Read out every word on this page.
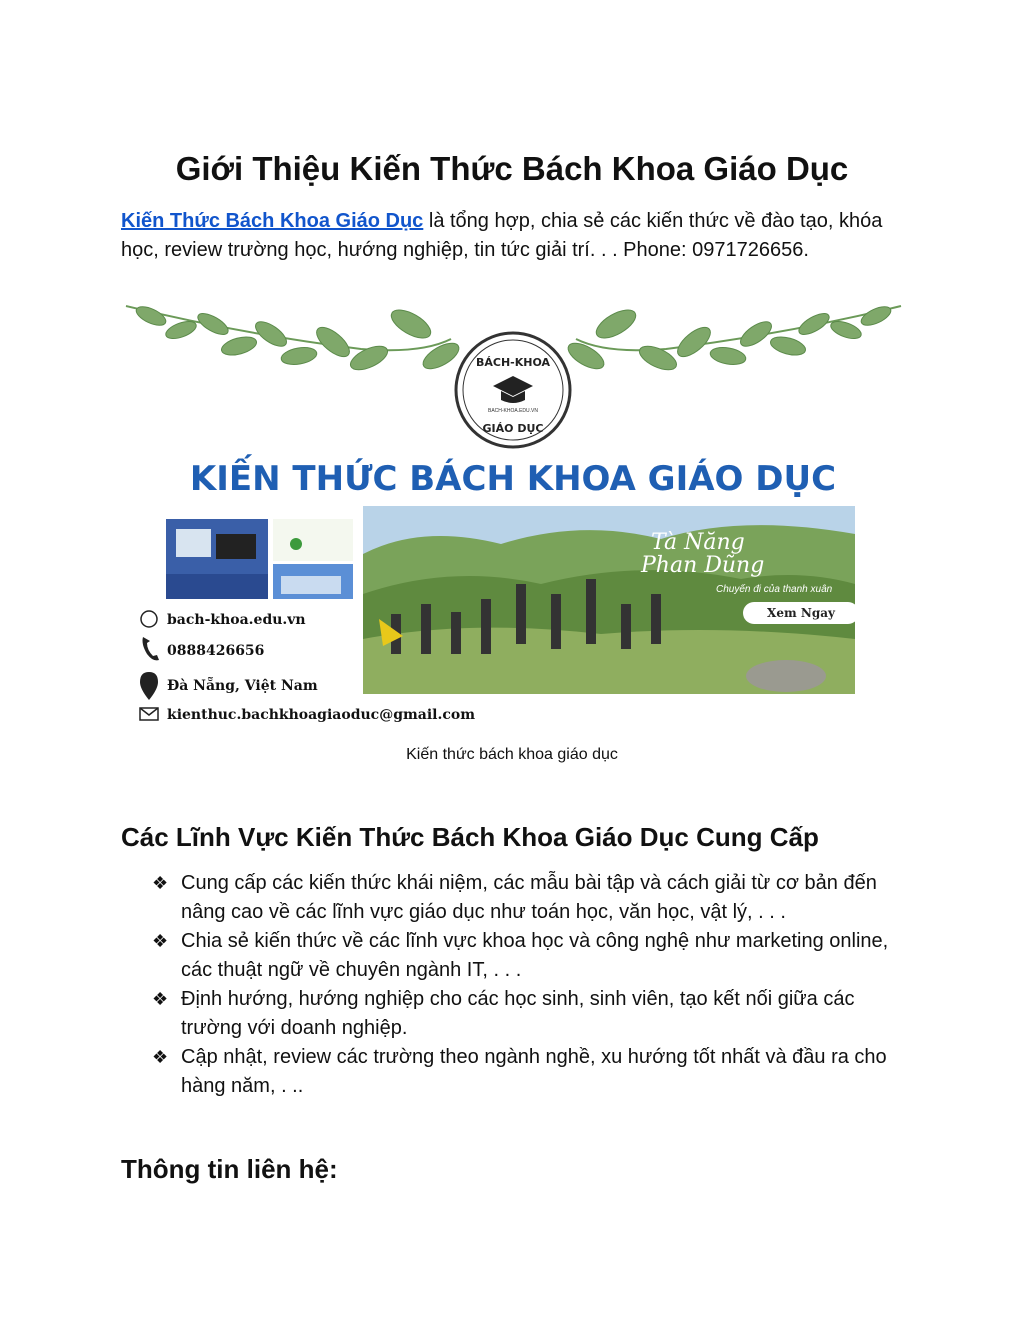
Giới Thiệu Kiến Thức Bách Khoa Giáo Dục

Kiến Thức Bách Khoa Giáo Dục là tổng hợp, chia sẻ các kiến thức về đào tạo, khóa học, review trường học, hướng nghiệp, tin tức giải trí. . . Phone: 0971726656.

BÁCH-KHOA
BACH-KHOA.EDU.VN
GIÁO DỤC
KIẾN THỨC BÁCH KHOA GIÁO DỤC
bach-khoa.edu.vn
0888426656
Đà Nẵng, Việt Nam
kienthuc.bachkhoagiaoduc@gmail.com
Tà Năng
Phan Dũng
Chuyến đi của thanh xuân
Xem Ngay

Kiến thức bách khoa giáo dục

Các Lĩnh Vực Kiến Thức Bách Khoa Giáo Dục Cung Cấp
❖ Cung cấp các kiến thức khái niệm, các mẫu bài tập và cách giải từ cơ bản đến nâng cao về các lĩnh vực giáo dục như toán học, văn học, vật lý, . . .
❖ Chia sẻ kiến thức về các lĩnh vực khoa học và công nghệ như marketing online, các thuật ngữ về chuyên ngành IT, . . .
❖ Định hướng, hướng nghiệp cho các học sinh, sinh viên, tạo kết nối giữa các trường với doanh nghiệp.
❖ Cập nhật, review các trường theo ngành nghề, xu hướng tốt nhất và đầu ra cho hàng năm, . ..
Thông tin liên hệ:
